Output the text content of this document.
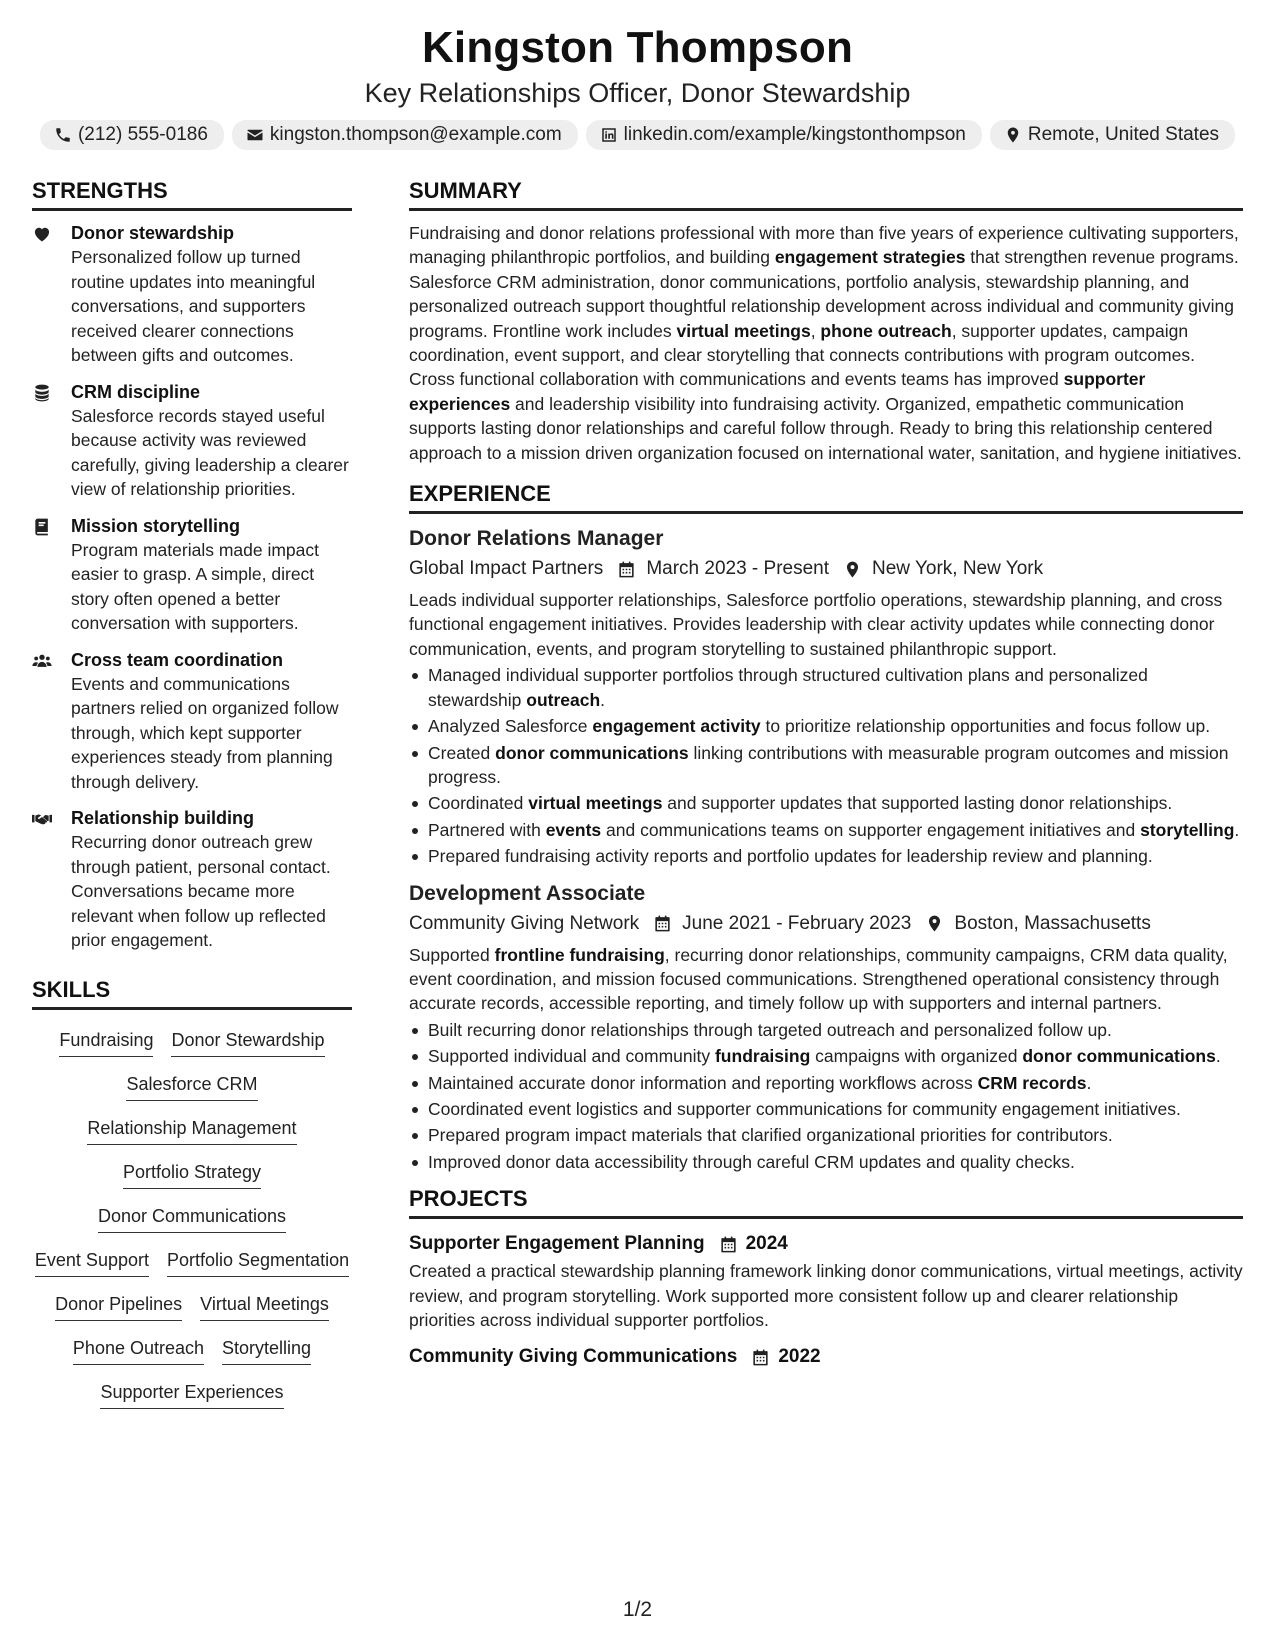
Kingston Thompson
Key Relationships Officer, Donor Stewardship
(212) 555-0186	kingston.thompson@example.com	linkedin.com/example/kingstonthompson	Remote, United States
STRENGTHS
Donor stewardship
Personalized follow up turned routine updates into meaningful conversations, and supporters received clearer connections between gifts and outcomes.
CRM discipline
Salesforce records stayed useful because activity was reviewed carefully, giving leadership a clearer view of relationship priorities.
Mission storytelling
Program materials made impact easier to grasp. A simple, direct story often opened a better conversation with supporters.
Cross team coordination
Events and communications partners relied on organized follow through, which kept supporter experiences steady from planning through delivery.
Relationship building
Recurring donor outreach grew through patient, personal contact. Conversations became more relevant when follow up reflected prior engagement.
SKILLS
Fundraising Donor Stewardship
Salesforce CRM
Relationship Management
Portfolio Strategy
Donor Communications
Event Support Portfolio Segmentation
Donor Pipelines Virtual Meetings
Phone Outreach Storytelling
Supporter Experiences
SUMMARY

Fundraising and donor relations professional with more than five years of experience cultivating supporters, managing philanthropic portfolios, and building engagement strategies that strengthen revenue programs. Salesforce CRM administration, donor communications, portfolio analysis, stewardship planning, and personalized outreach support thoughtful relationship development across individual and community giving programs. Frontline work includes virtual meetings, phone outreach, supporter updates, campaign coordination, event support, and clear storytelling that connects contributions with program outcomes. Cross functional collaboration with communications and events teams has improved supporter experiences and leadership visibility into fundraising activity. Organized, empathetic communication supports lasting donor relationships and careful follow through. Ready to bring this relationship centered approach to a mission driven organization focused on international water, sanitation, and hygiene initiatives.

EXPERIENCE
Donor Relations Manager
Global Impact Partners March 2023 - Present New York, New York

Leads individual supporter relationships, Salesforce portfolio operations, stewardship planning, and cross functional engagement initiatives. Provides leadership with clear activity updates while connecting donor communication, events, and program storytelling to sustained philanthropic support.

Managed individual supporter portfolios through structured cultivation plans and personalized stewardship outreach.
Analyzed Salesforce engagement activity to prioritize relationship opportunities and focus follow up.
Created donor communications linking contributions with measurable program outcomes and mission progress.
Coordinated virtual meetings and supporter updates that supported lasting donor relationships.
Partnered with events and communications teams on supporter engagement initiatives and storytelling.
Prepared fundraising activity reports and portfolio updates for leadership review and planning.
Development Associate
Community Giving Network June 2021 - February 2023 Boston, Massachusetts

Supported frontline fundraising, recurring donor relationships, community campaigns, CRM data quality, event coordination, and mission focused communications. Strengthened operational consistency through accurate records, accessible reporting, and timely follow up with supporters and internal partners.

Built recurring donor relationships through targeted outreach and personalized follow up.
Supported individual and community fundraising campaigns with organized donor communications.
Maintained accurate donor information and reporting workflows across CRM records.
Coordinated event logistics and supporter communications for community engagement initiatives.
Prepared program impact materials that clarified organizational priorities for contributors.
Improved donor data accessibility through careful CRM updates and quality checks.
PROJECTS
Supporter Engagement Planning 2024

Created a practical stewardship planning framework linking donor communications, virtual meetings, activity review, and program storytelling. Work supported more consistent follow up and clearer relationship priorities across individual supporter portfolios.

Community Giving Communications 2022
1/2
